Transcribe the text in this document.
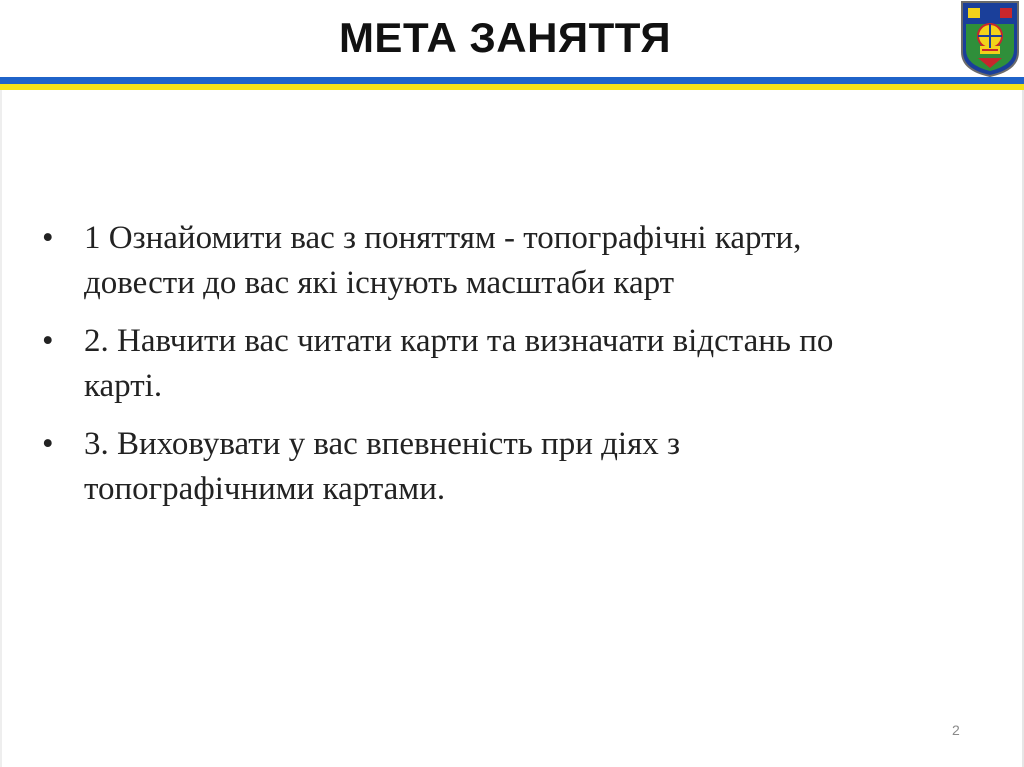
МЕТА ЗАНЯТТЯ
• 1 Ознайомити вас з поняттям - топографічні карти,
довести до вас які існують масштаби карт
• 2. Навчити вас читати карти та визначати відстань по
карті.
• 3. Виховувати у вас впевненість при діях з
топографічними картами.
2
